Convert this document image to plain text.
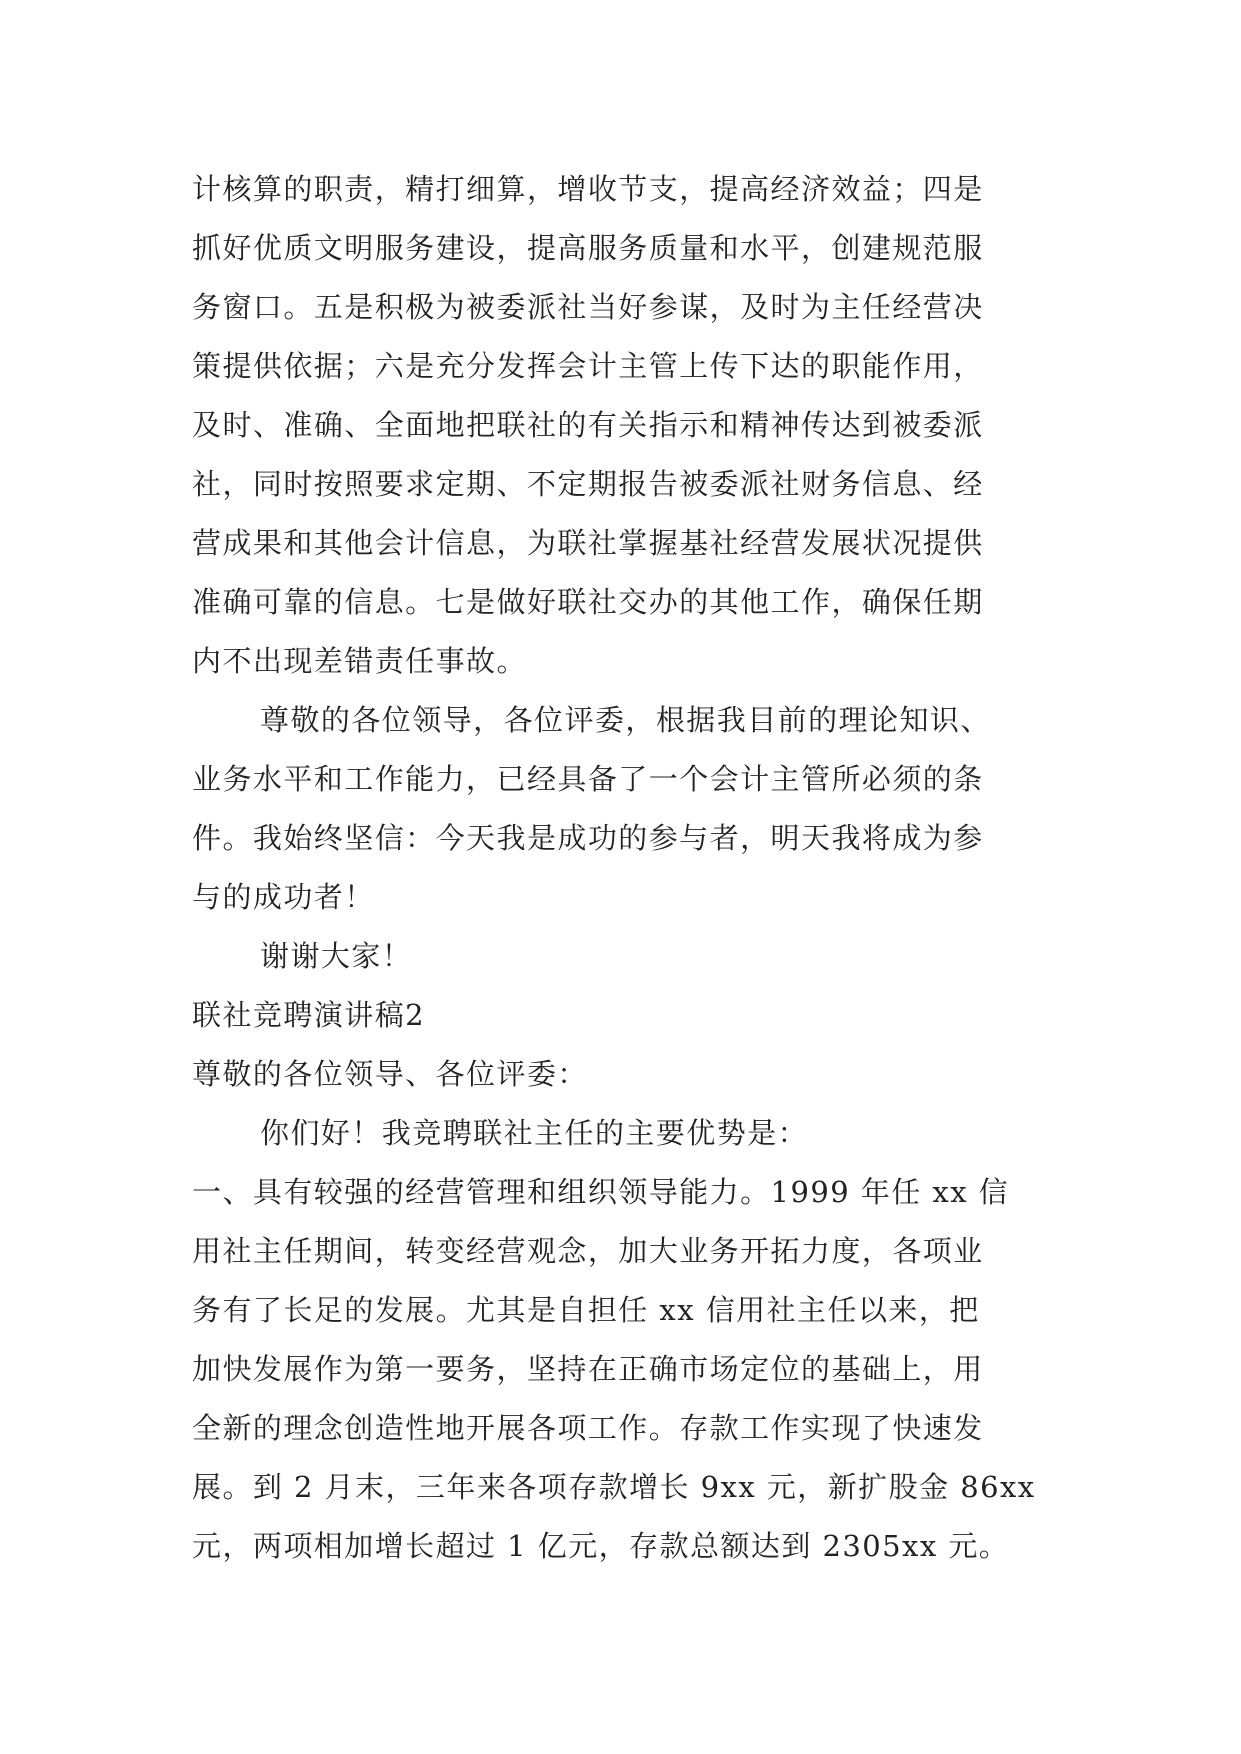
计核算的职责，精打细算，增收节支，提高经济效益；四是
抓好优质文明服务建设，提高服务质量和水平，创建规范服
务窗口。五是积极为被委派社当好参谋，及时为主任经营决
策提供依据；六是充分发挥会计主管上传下达的职能作用，
及时、准确、全面地把联社的有关指示和精神传达到被委派
社，同时按照要求定期、不定期报告被委派社财务信息、经
营成果和其他会计信息，为联社掌握基社经营发展状况提供
准确可靠的信息。七是做好联社交办的其他工作，确保任期
内不出现差错责任事故。
尊敬的各位领导，各位评委，根据我目前的理论知识、
业务水平和工作能力，已经具备了一个会计主管所必须的条
件。我始终坚信：今天我是成功的参与者，明天我将成为参
与的成功者！
谢谢大家！
联社竞聘演讲稿2
尊敬的各位领导、各位评委：
你们好！我竞聘联社主任的主要优势是：
一、具有较强的经营管理和组织领导能力。1999 年任 xx 信
用社主任期间，转变经营观念，加大业务开拓力度，各项业
务有了长足的发展。尤其是自担任 xx 信用社主任以来，把
加快发展作为第一要务，坚持在正确市场定位的基础上，用
全新的理念创造性地开展各项工作。存款工作实现了快速发
展。到 2 月末，三年来各项存款增长 9xx 元，新扩股金 86xx
元，两项相加增长超过 1 亿元，存款总额达到 2305xx 元。
